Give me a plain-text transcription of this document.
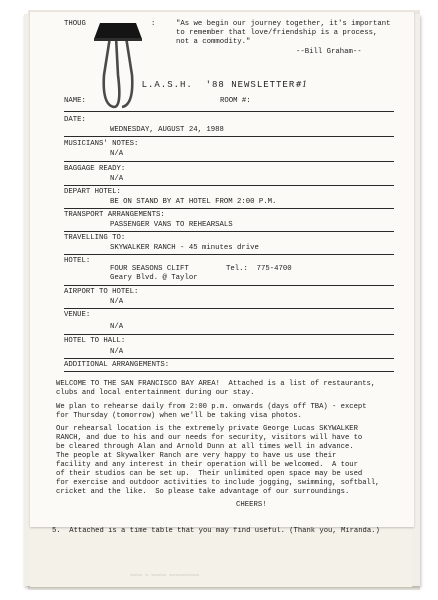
5.  Attached is a time table that you may find useful. (Thank you, Miranda.)
~~~~ ~ ~~~~~ ~~~~~~~~~~
THOUG	:	"As we begin our journey together, it's important
to remember that love/friendship is a process,
not a commodity."
--Bill Graham--

L.A.S.H.  '88 NEWSLETTER#1

NAME:	ROOM #:
DATE:
WEDNESDAY, AUGUST 24, 1988
MUSICIANS' NOTES:
N/A
BAGGAGE READY:
N/A
DEPART HOTEL:
BE ON STAND BY AT HOTEL FROM 2:00 P.M.
TRANSPORT ARRANGEMENTS:
PASSENGER VANS TO REHEARSALS
TRAVELLING TO:
SKYWALKER RANCH - 45 minutes drive
HOTEL:
FOUR SEASONS CLIFT	Tel.:  775-4700
Geary Blvd. @ Taylor
AIRPORT TO HOTEL:
N/A
VENUE:
N/A
HOTEL TO HALL:
N/A
ADDITIONAL ARRANGEMENTS:
WELCOME TO THE SAN FRANCISCO BAY AREA!  Attached is a list of restaurants,
clubs and local entertainment during our stay.
We plan to rehearse daily from 2:00 p.m. onwards (days off TBA) - except
for Thursday (tomorrow) when we'll be taking visa photos.
Our rehearsal location is the extremely private George Lucas SKYWALKER
RANCH, and due to his and our needs for security, visitors will have to
be cleared through Alan and Arnold Dunn at all times well in advance.
The people at Skywalker Ranch are very happy to have us use their
facility and any interest in their operation will be welcomed.  A tour
of their studios can be set up.  Their unlimited open space may be used
for exercise and outdoor activities to include jogging, swimming, softball,
cricket and the like.  So please take advantage of our surroundings.
CHEERS!
